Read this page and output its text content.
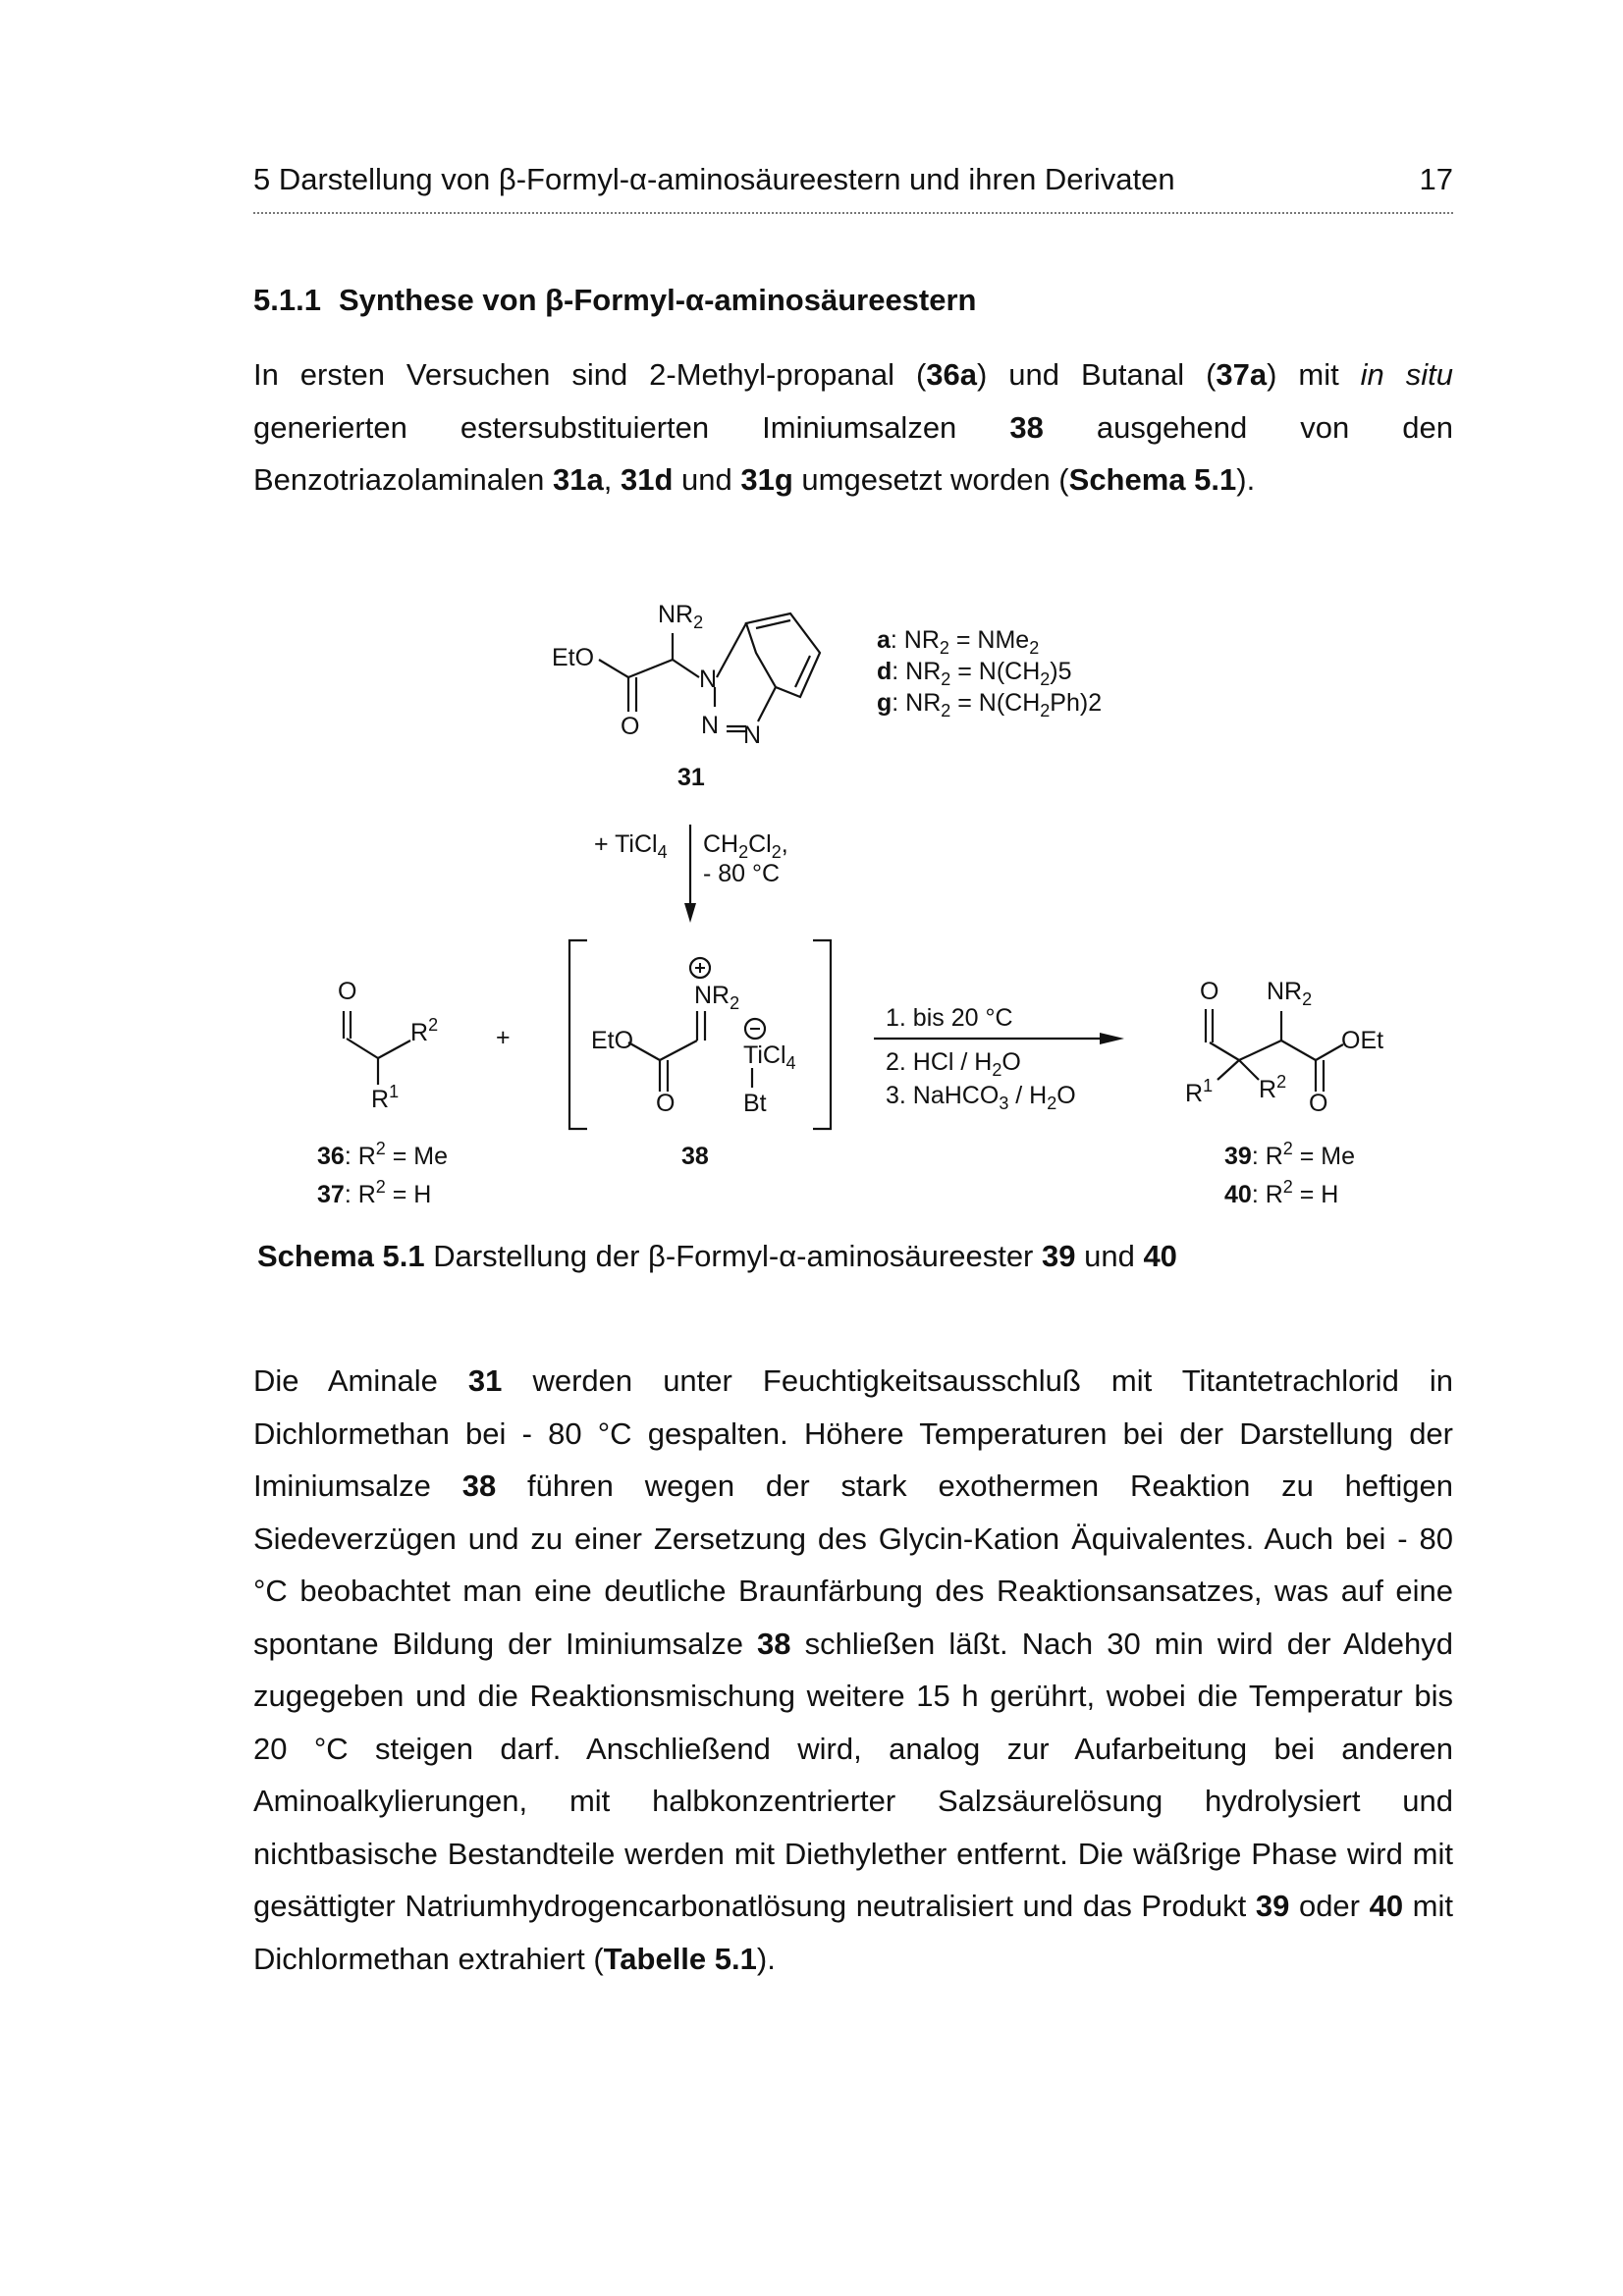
5 Darstellung von β-Formyl-α-aminosäureestern und ihren Derivaten	17
5.1.1 Synthese von β-Formyl-α-aminosäureestern

In ersten Versuchen sind 2-Methyl-propanal (36a) und Butanal (37a) mit in situ generierten estersubstituierten Iminiumsalzen 38 ausgehend von den Benzotriazolaminalen 31a, 31d und 31g umgesetzt worden (Schema 5.1).

$NR_2$
EtO
O
N
N N
31
a: $NR_2 = NMe_2$
d: $NR_2 = N(CH_2)5$
g: $NR_2 = N(CH_2Ph)2$
+ TiCl$_4$ $CH_2Cl_2$,
- 80 °C
O
$R^2$
$R^1$
36: $R^2 = Me$
37: $R^2 = H$
+
$NR_2$
EtO
TiCl$_4$
O	Bt
38
1. bis 20 °C
2. HCl / $H_2O$
3. NaHCO$_3$ / $H_2O$
O $NR_2$
OEt
$R^1$ $R^2$
O
39: $R^2 = Me$
40: $R^2 = H$
Schema 5.1 Darstellung der β-Formyl-α-aminosäureester 39 und 40

Die Aminale 31 werden unter Feuchtigkeitsausschluß mit Titantetrachlorid in Dichlormethan bei - 80 °C gespalten. Höhere Temperaturen bei der Darstellung der Iminiumsalze 38 führen wegen der stark exothermen Reaktion zu heftigen Siedeverzügen und zu einer Zersetzung des Glycin-Kation Äquivalentes. Auch bei - 80 °C beobachtet man eine deutliche Braunfärbung des Reaktionsansatzes, was auf eine spontane Bildung der Iminiumsalze 38 schließen läßt. Nach 30 min wird der Aldehyd zugegeben und die Reaktionsmischung weitere 15 h gerührt, wobei die Temperatur bis 20 °C steigen darf. Anschließend wird, analog zur Aufarbeitung bei anderen Aminoalkylierungen, mit halbkonzentrierter Salzsäurelösung hydrolysiert und nichtbasische Bestandteile werden mit Diethylether entfernt. Die wäßrige Phase wird mit gesättigter Natriumhydrogencarbonatlösung neutralisiert und das Produkt 39 oder 40 mit Dichlormethan extrahiert (Tabelle 5.1).
